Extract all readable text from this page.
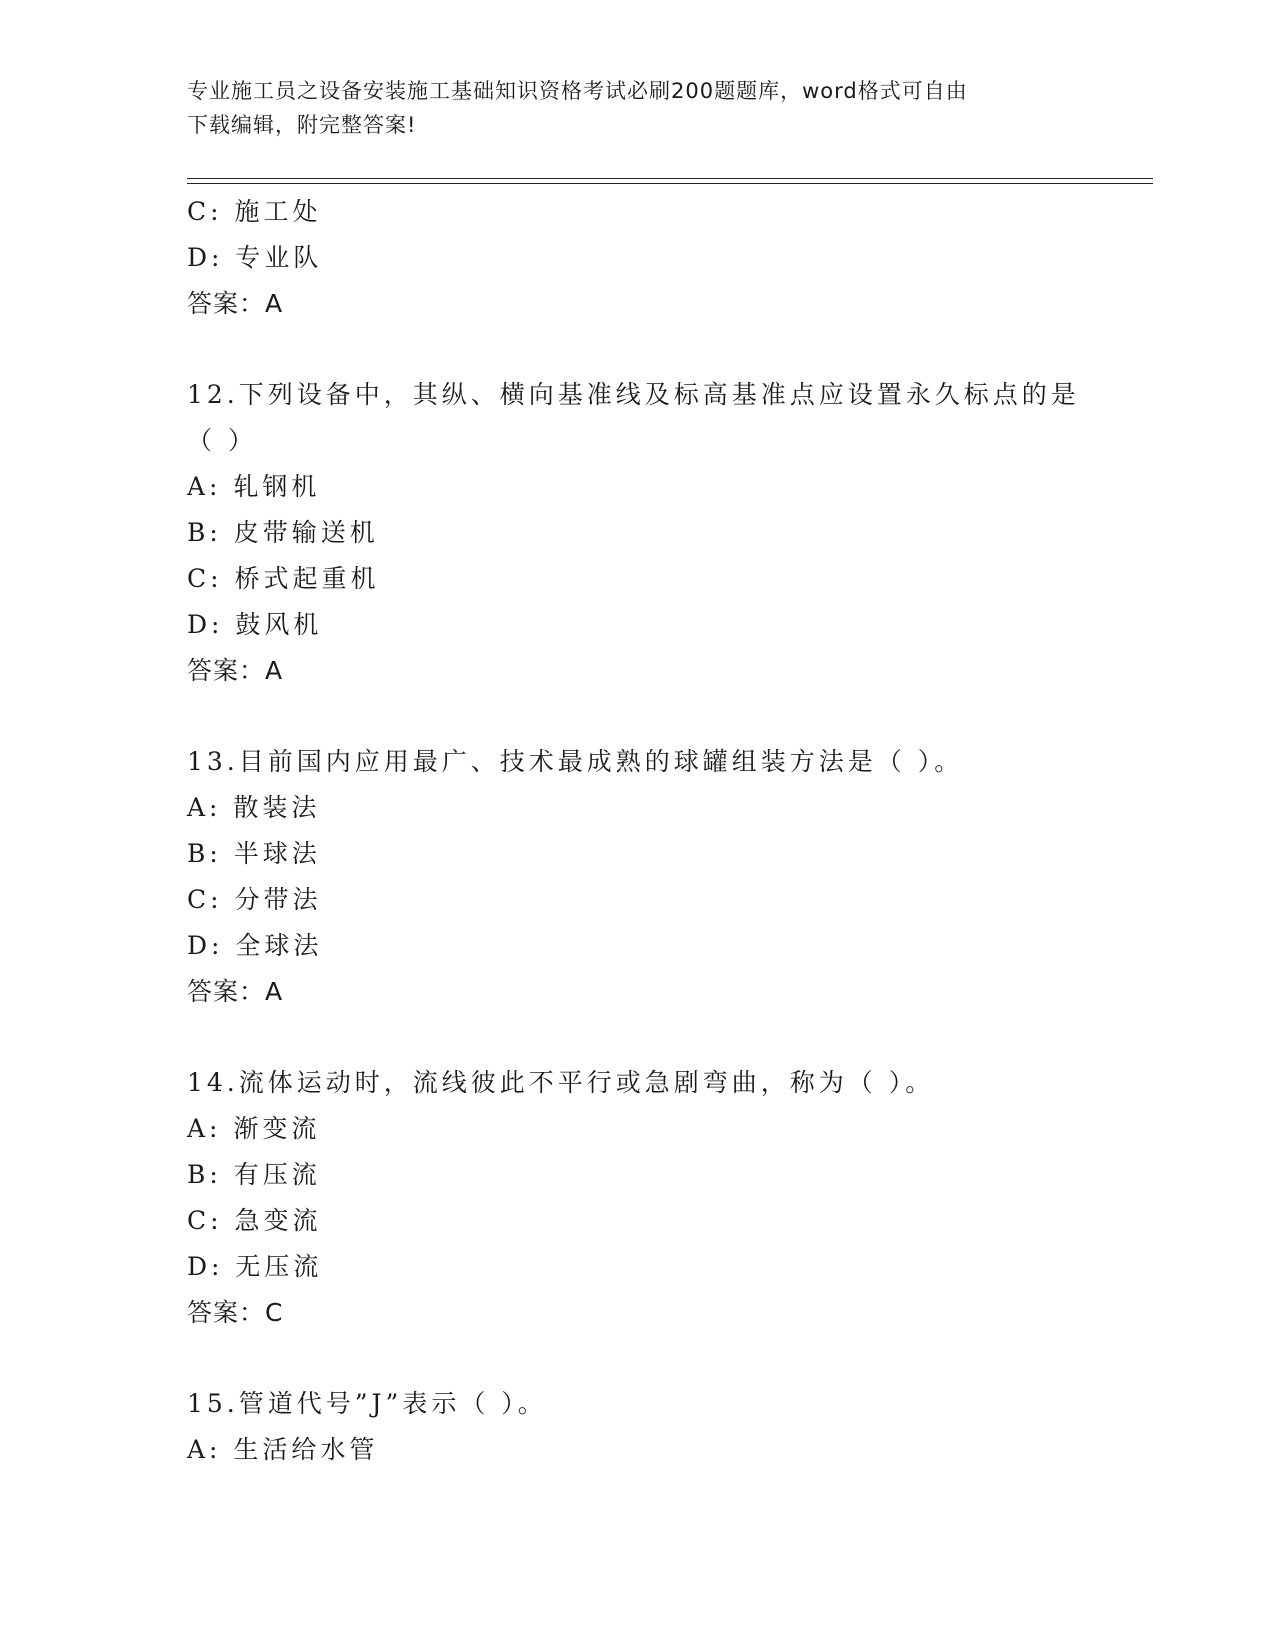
专业施工员之设备安装施工基础知识资格考试必刷200题题库，word格式可自由
下载编辑，附完整答案!
C: 施工处
D: 专业队
答案：A
12.下列设备中，其纵、横向基准线及标高基准点应设置永久标点的是
（ ）
A: 轧钢机
B: 皮带输送机
C: 桥式起重机
D: 鼓风机
答案：A
13.目前国内应用最广、技术最成熟的球罐组装方法是（ ）。
A: 散装法
B: 半球法
C: 分带法
D: 全球法
答案：A
14.流体运动时，流线彼此不平行或急剧弯曲，称为（ ）。
A: 渐变流
B: 有压流
C: 急变流
D: 无压流
答案：C
15.管道代号”J”表示（ ）。
A: 生活给水管
